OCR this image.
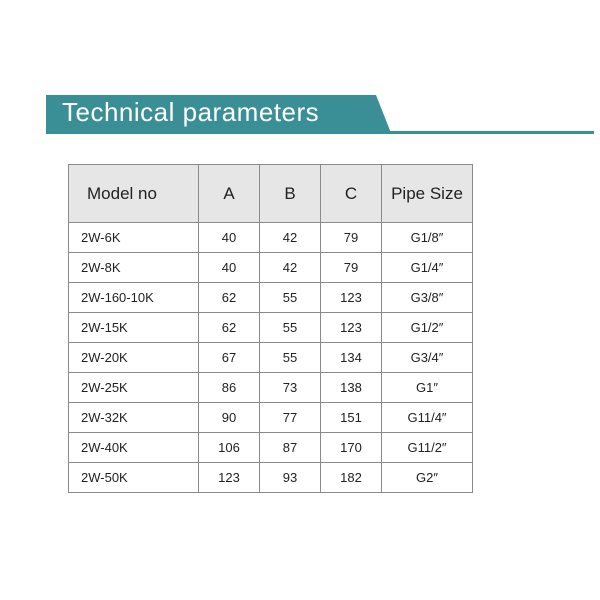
Technical parameters
Model no	A	B	C	Pipe Size
2W-6K	40	42	79	G1/8″
2W-8K	40	42	79	G1/4″
2W-160-10K	62	55	123	G3/8″
2W-15K	62	55	123	G1/2″
2W-20K	67	55	134	G3/4″
2W-25K	86	73	138	G1″
2W-32K	90	77	151	G11/4″
2W-40K	106	87	170	G11/2″
2W-50K	123	93	182	G2″
